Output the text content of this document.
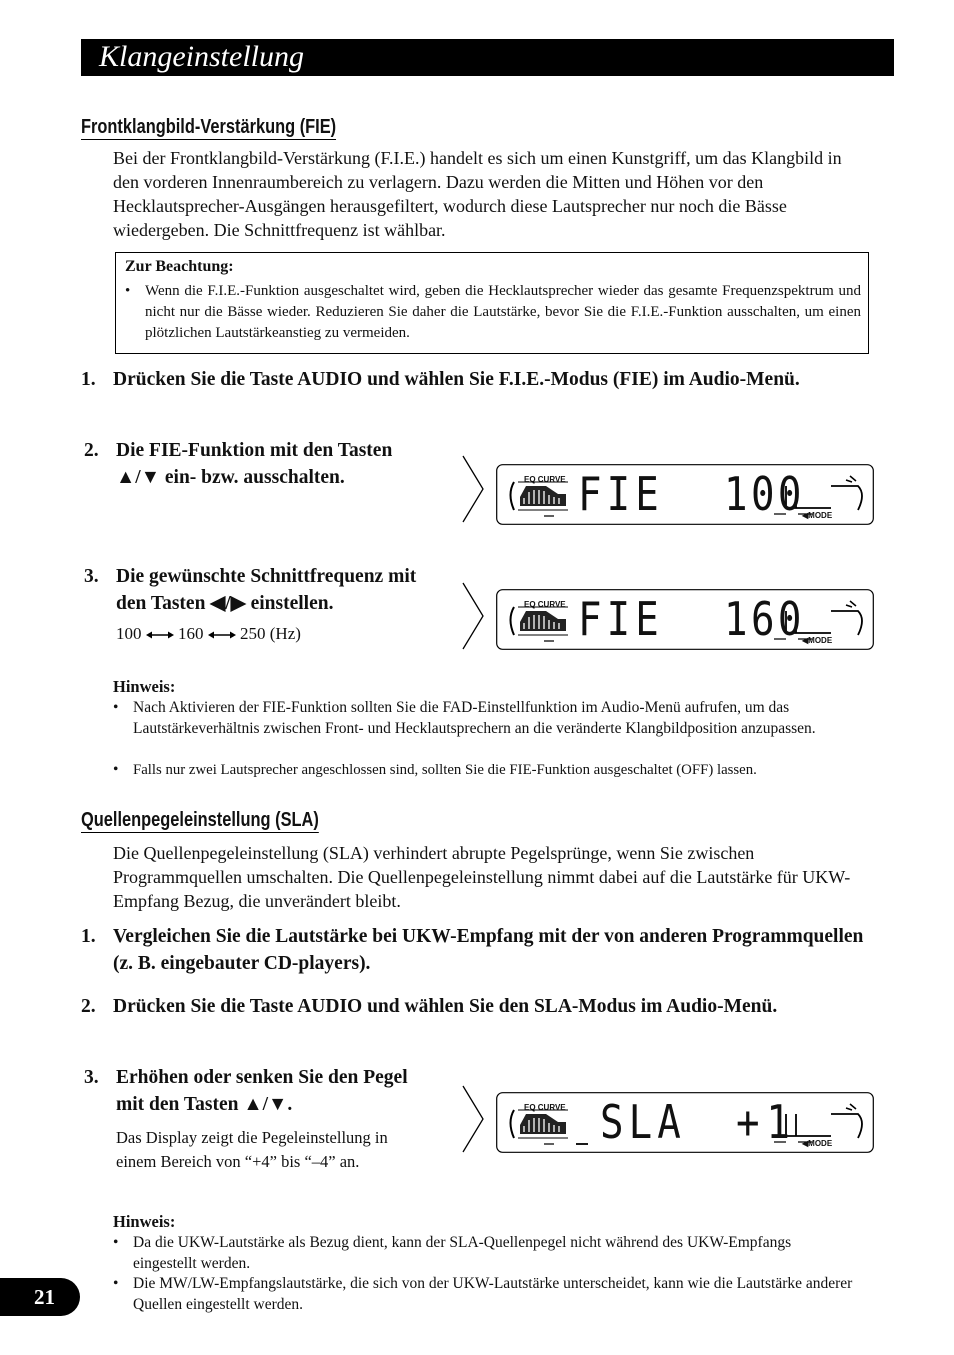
Klangeinstellung
Frontklangbild-Verstärkung (FIE)
Bei der Frontklangbild-Verstärkung (F.I.E.) handelt es sich um einen Kunstgriff, um das Klangbild in den vorderen Innenraumbereich zu verlagern. Dazu werden die Mitten und Höhen vor den Hecklautsprecher-Ausgängen herausgefiltert, wodurch diese Lautsprecher nur noch die Bässe wiedergeben. Die Schnittfrequenz ist wählbar.
Zur Beachtung:
• Wenn die F.I.E.-Funktion ausgeschaltet wird, geben die Hecklautsprecher wieder das gesamte Frequenzspektrum und nicht nur die Bässe wieder. Reduzieren Sie daher die Lautstärke, bevor Sie die F.I.E.-Funktion ausschalten, um einen plötzlichen Lautstärkeanstieg zu vermeiden.
1. Drücken Sie die Taste AUDIO und wählen Sie F.I.E.-Modus (FIE) im Audio-Menü.
2. Die FIE-Funktion mit den Tasten ▲/▼ ein- bzw. ausschalten.
3. Die gewünschte Schnittfrequenz mit den Tasten ◀/▶ einstellen.
100 160 250 (Hz)
EQ CURVE FIE 100
◀MODE
EQ CURVE FIE 160
◀MODE
Hinweis:
• Nach Aktivieren der FIE-Funktion sollten Sie die FAD-Einstellfunktion im Audio-Menü aufrufen, um das Lautstärkeverhältnis zwischen Front- und Hecklautsprechern an die veränderte Klangbildposition anzupassen.
• Falls nur zwei Lautsprecher angeschlossen sind, sollten Sie die FIE-Funktion ausgeschaltet (OFF) lassen.
Quellenpegeleinstellung (SLA)
Die Quellenpegeleinstellung (SLA) verhindert abrupte Pegelsprünge, wenn Sie zwischen Programmquellen umschalten. Die Quellenpegeleinstellung nimmt dabei auf die Lautstärke für UKW-Empfang Bezug, die unverändert bleibt.
1. Vergleichen Sie die Lautstärke bei UKW-Empfang mit der von anderen Programmquellen (z. B. eingebauter CD-players).
2. Drücken Sie die Taste AUDIO und wählen Sie den SLA-Modus im Audio-Menü.
3. Erhöhen oder senken Sie den Pegel mit den Tasten ▲/▼.
Das Display zeigt die Pegeleinstellung in einem Bereich von “+4” bis “–4” an.
EQ CURVE SLA +1 ◀MODE
Hinweis:
• Da die UKW-Lautstärke als Bezug dient, kann der SLA-Quellenpegel nicht während des UKW-Empfangs eingestellt werden.
• Die MW/LW-Empfangslautstärke, die sich von der UKW-Lautstärke unterscheidet, kann wie die Lautstärke anderer Quellen eingestellt werden.
21
